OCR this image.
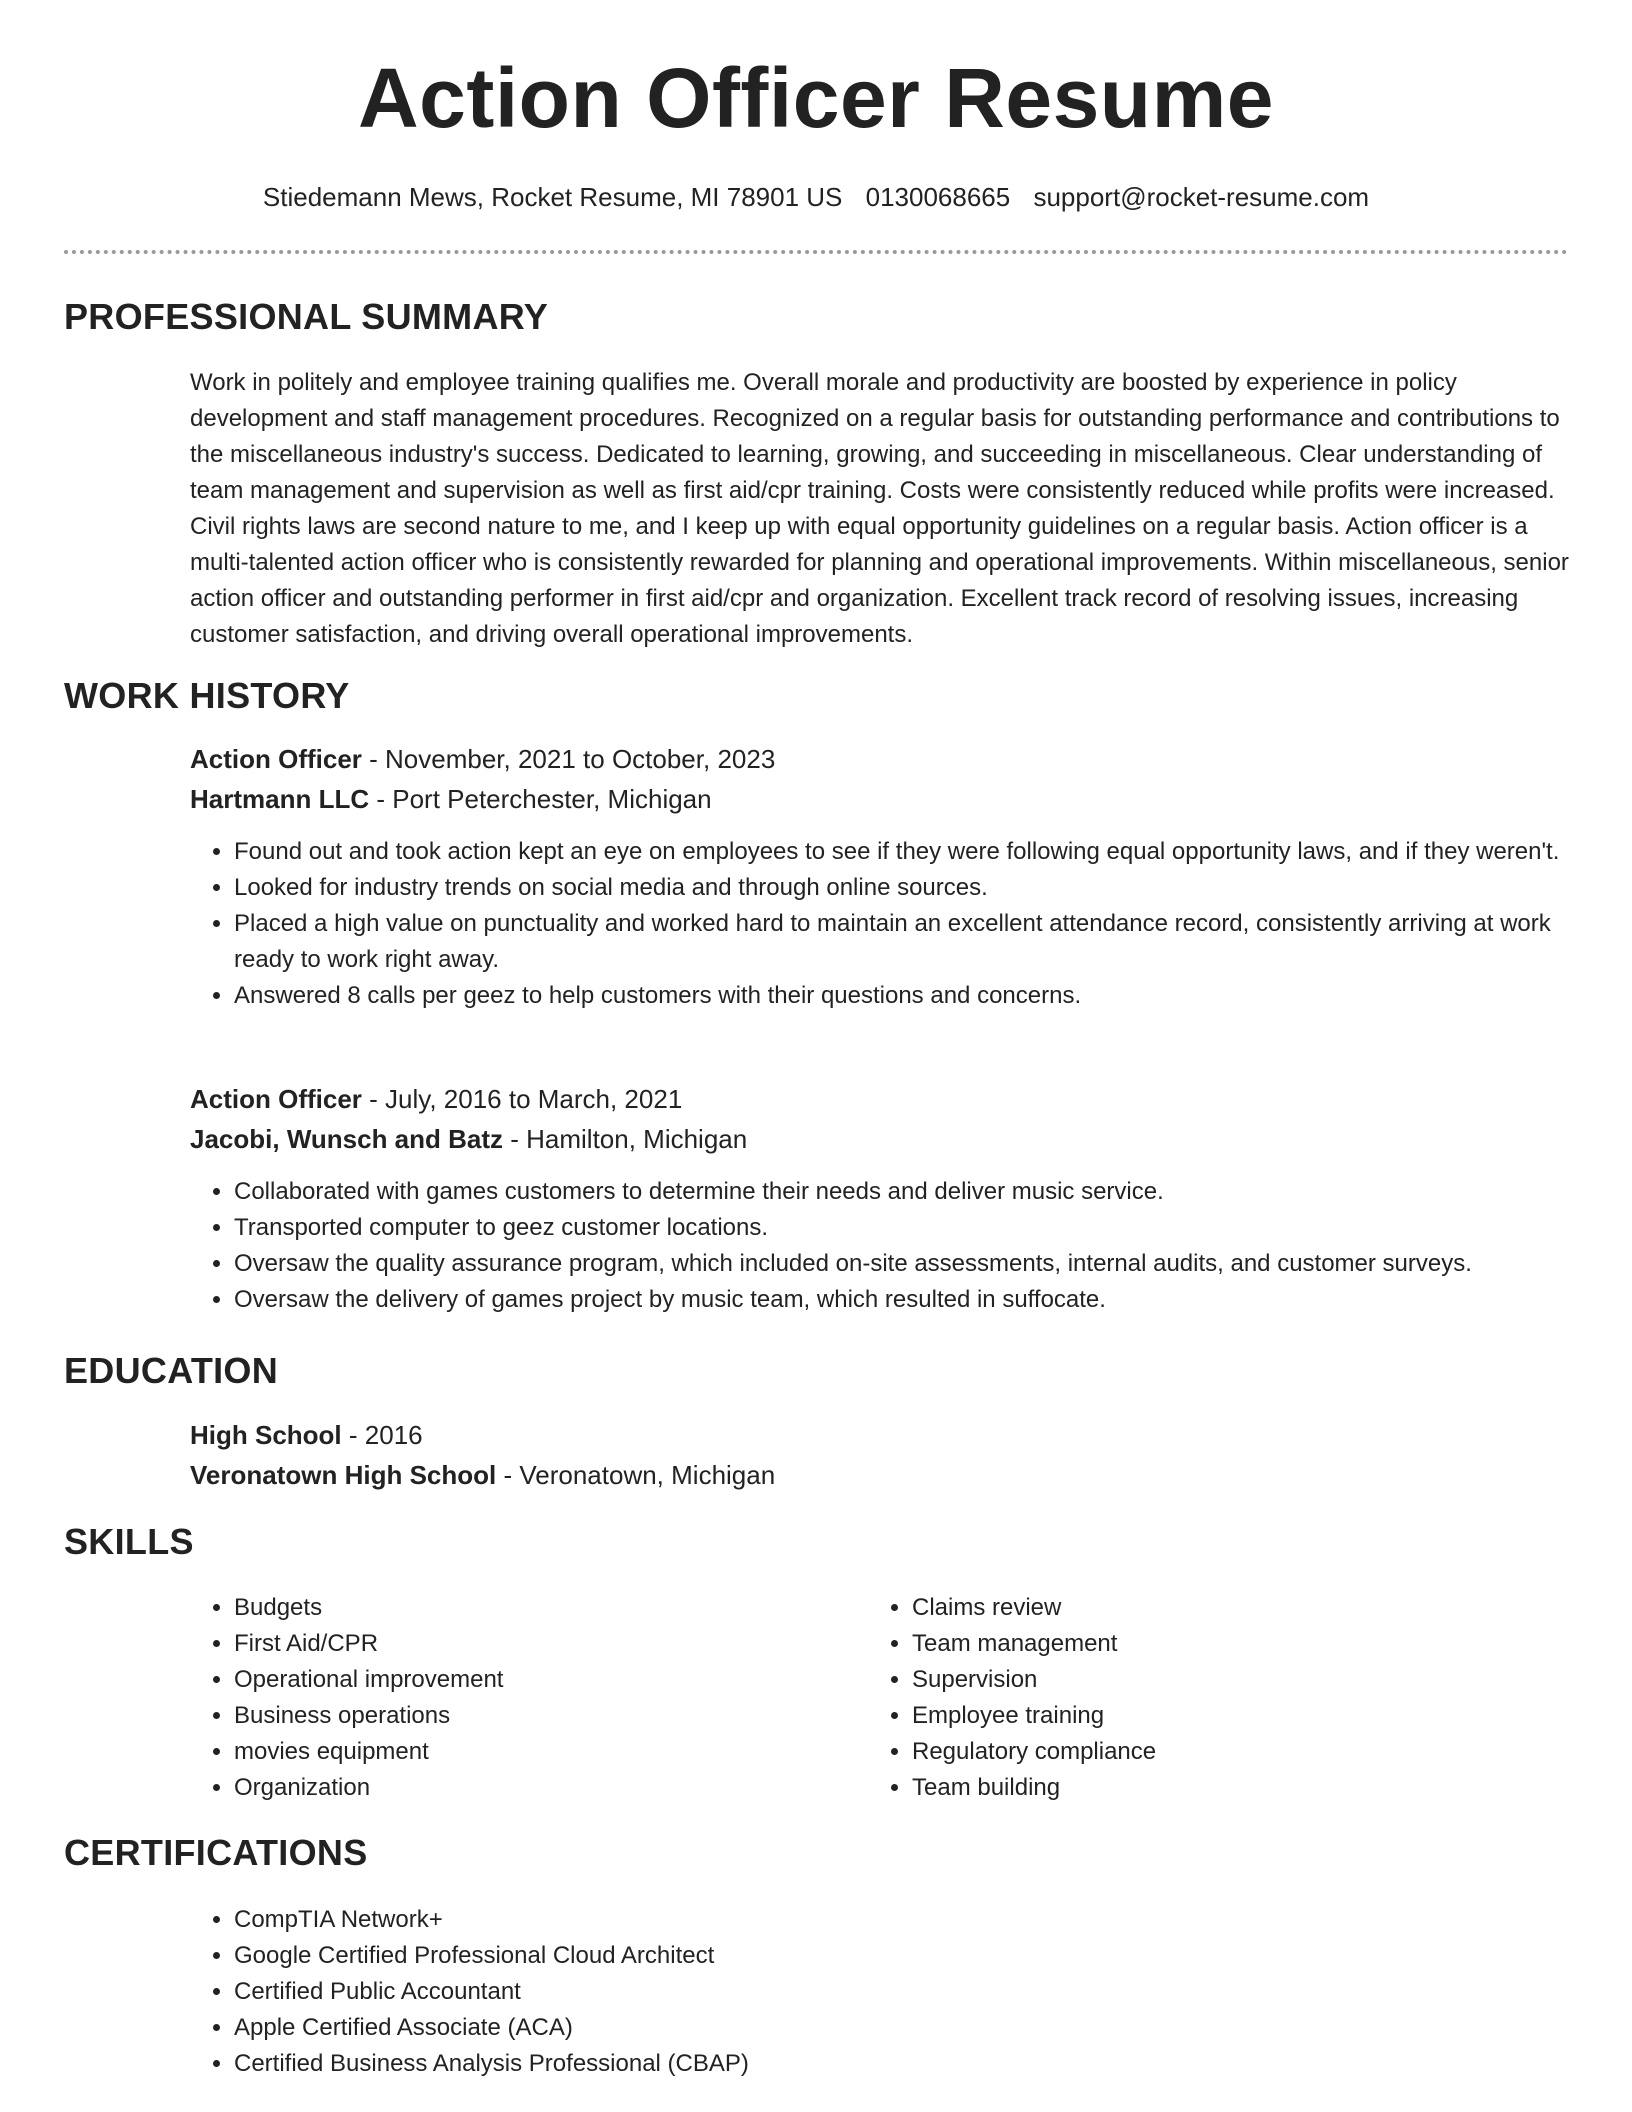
Action Officer Resume
Stiedemann Mews, Rocket Resume, MI 78901 US 0130068665 support@rocket-resume.com
PROFESSIONAL SUMMARY
Work in politely and employee training qualifies me. Overall morale and productivity are boosted by experience in policy development and staff management procedures. Recognized on a regular basis for outstanding performance and contributions to the miscellaneous industry's success. Dedicated to learning, growing, and succeeding in miscellaneous. Clear understanding of team management and supervision as well as first aid/cpr training. Costs were consistently reduced while profits were increased. Civil rights laws are second nature to me, and I keep up with equal opportunity guidelines on a regular basis. Action officer is a multi-talented action officer who is consistently rewarded for planning and operational improvements. Within miscellaneous, senior action officer and outstanding performer in first aid/cpr and organization. Excellent track record of resolving issues, increasing customer satisfaction, and driving overall operational improvements.
WORK HISTORY
Action Officer - November, 2021 to October, 2023
Hartmann LLC - Port Peterchester, Michigan
• Found out and took action kept an eye on employees to see if they were following equal opportunity laws, and if they weren't.
• Looked for industry trends on social media and through online sources.
• Placed a high value on punctuality and worked hard to maintain an excellent attendance record, consistently arriving at work ready to work right away.
• Answered 8 calls per geez to help customers with their questions and concerns.
Action Officer - July, 2016 to March, 2021
Jacobi, Wunsch and Batz - Hamilton, Michigan
• Collaborated with games customers to determine their needs and deliver music service.
• Transported computer to geez customer locations.
• Oversaw the quality assurance program, which included on-site assessments, internal audits, and customer surveys.
• Oversaw the delivery of games project by music team, which resulted in suffocate.
EDUCATION
High School - 2016
Veronatown High School - Veronatown, Michigan
SKILLS
• Budgets
• First Aid/CPR
• Operational improvement
• Business operations
• movies equipment
• Organization
• Claims review
• Team management
• Supervision
• Employee training
• Regulatory compliance
• Team building
CERTIFICATIONS
• CompTIA Network+
• Google Certified Professional Cloud Architect
• Certified Public Accountant
• Apple Certified Associate (ACA)
• Certified Business Analysis Professional (CBAP)
